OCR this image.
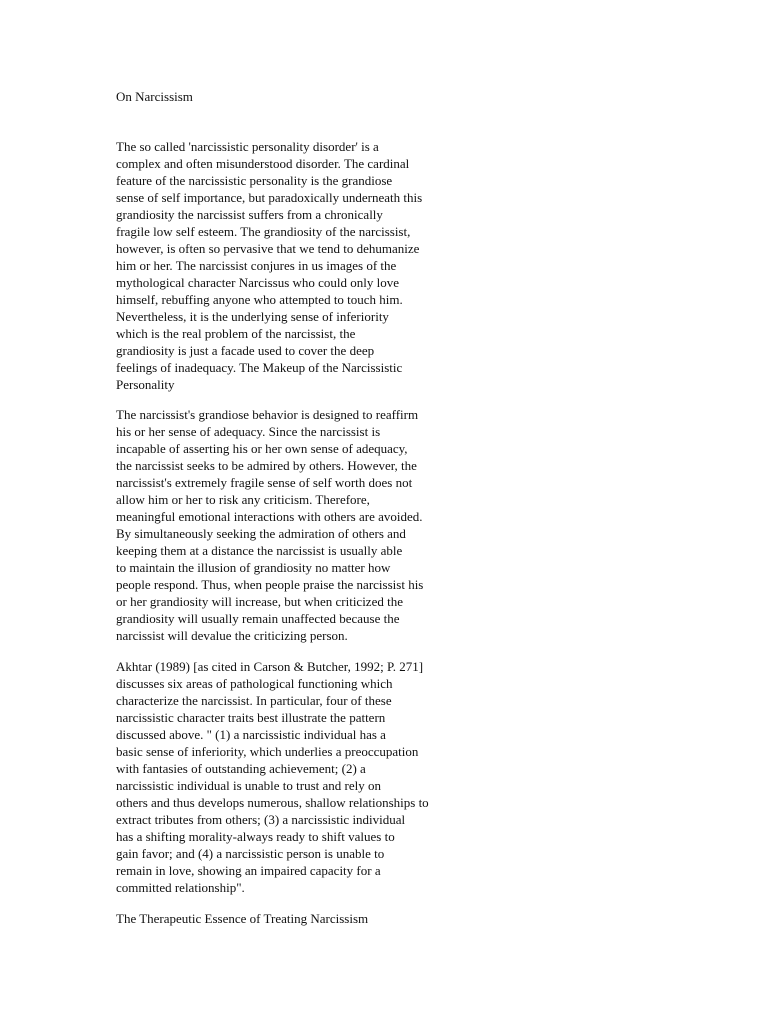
On Narcissism
The so called 'narcissistic personality disorder' is a
complex and often misunderstood disorder. The cardinal
feature of the narcissistic personality is the grandiose
sense of self importance, but paradoxically underneath this
grandiosity the narcissist suffers from a chronically
fragile low self esteem. The grandiosity of the narcissist,
however, is often so pervasive that we tend to dehumanize
him or her. The narcissist conjures in us images of the
mythological character Narcissus who could only love
himself, rebuffing anyone who attempted to touch him.
Nevertheless, it is the underlying sense of inferiority
which is the real problem of the narcissist, the
grandiosity is just a facade used to cover the deep
feelings of inadequacy. The Makeup of the Narcissistic
Personality
The narcissist's grandiose behavior is designed to reaffirm
his or her sense of adequacy. Since the narcissist is
incapable of asserting his or her own sense of adequacy,
the narcissist seeks to be admired by others. However, the
narcissist's extremely fragile sense of self worth does not
allow him or her to risk any criticism. Therefore,
meaningful emotional interactions with others are avoided.
By simultaneously seeking the admiration of others and
keeping them at a distance the narcissist is usually able
to maintain the illusion of grandiosity no matter how
people respond. Thus, when people praise the narcissist his
or her grandiosity will increase, but when criticized the
grandiosity will usually remain unaffected because the
narcissist will devalue the criticizing person.
Akhtar (1989) [as cited in Carson & Butcher, 1992; P. 271]
discusses six areas of pathological functioning which
characterize the narcissist. In particular, four of these
narcissistic character traits best illustrate the pattern
discussed above. " (1) a narcissistic individual has a
basic sense of inferiority, which underlies a preoccupation
with fantasies of outstanding achievement; (2) a
narcissistic individual is unable to trust and rely on
others and thus develops numerous, shallow relationships to
extract tributes from others; (3) a narcissistic individual
has a shifting morality-always ready to shift values to
gain favor; and (4) a narcissistic person is unable to
remain in love, showing an impaired capacity for a
committed relationship".
The Therapeutic Essence of Treating Narcissism
